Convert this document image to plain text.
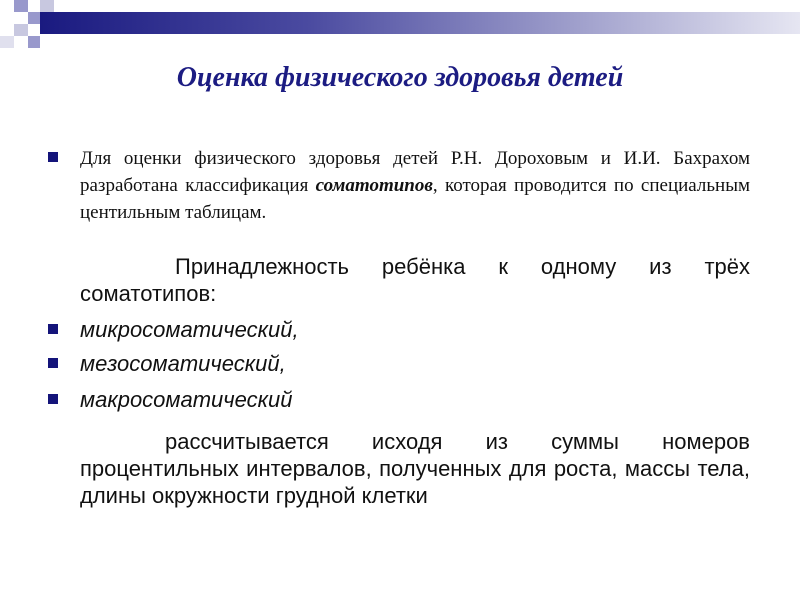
Оценка физического здоровья детей
Для оценки физического здоровья детей Р.Н. Дороховым и И.И. Бахрахом разработана классификация соматотипов, которая проводится по специальным центильным таблицам.
Принадлежность ребёнка к одному из трёх соматотипов:
микросоматический,
мезосоматический,
макросоматический
рассчитывается исходя из суммы номеров процентильных интервалов, полученных для роста, массы тела, длины окружности грудной клетки
